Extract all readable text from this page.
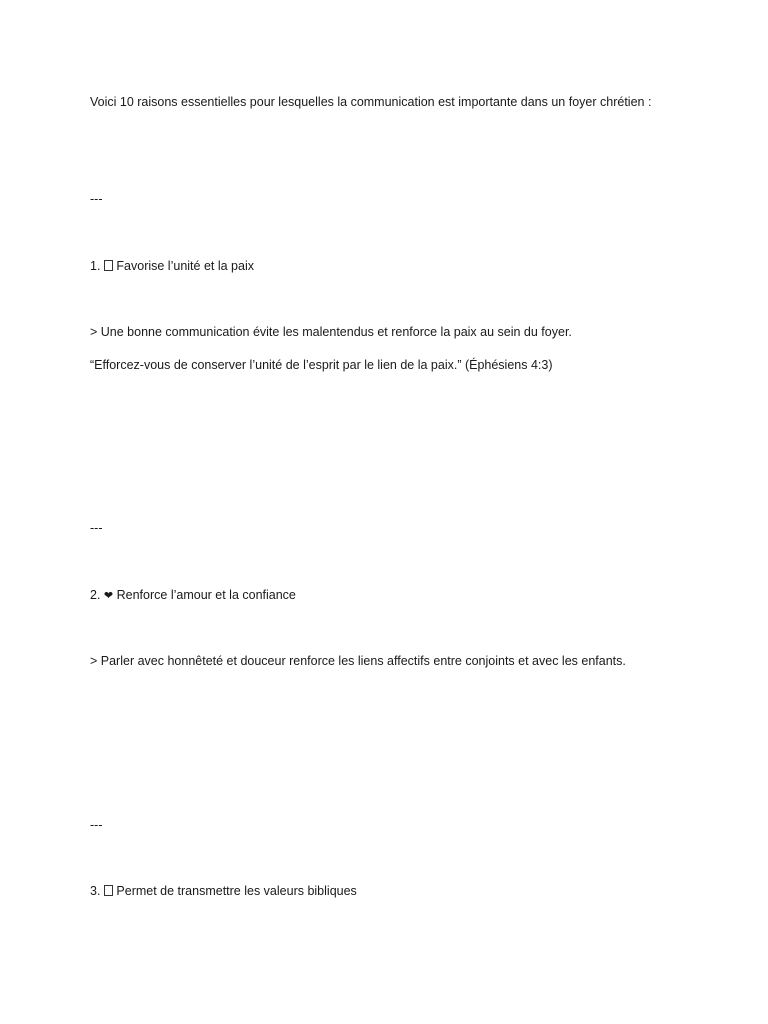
Voici 10 raisons essentielles pour lesquelles la communication est importante dans un foyer chrétien :

---

1. Favorise l’unité et la paix

> Une bonne communication évite les malentendus et renforce la paix au sein du foyer.

“Efforcez-vous de conserver l’unité de l’esprit par le lien de la paix.” (Éphésiens 4:3)

---

2. ❤ Renforce l’amour et la confiance

> Parler avec honnêteté et douceur renforce les liens affectifs entre conjoints et avec les enfants.

---

3. Permet de transmettre les valeurs bibliques
